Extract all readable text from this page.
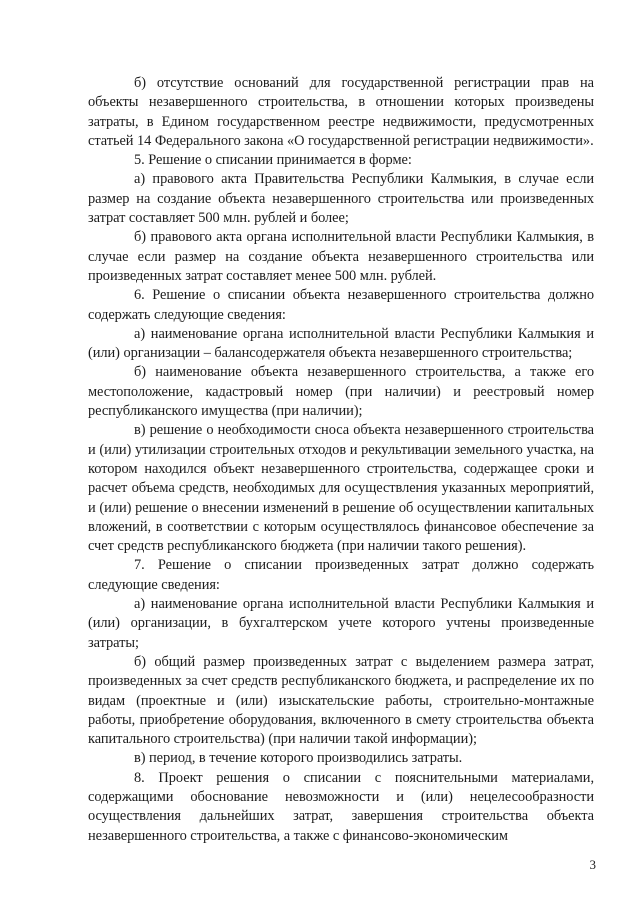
б) отсутствие оснований для государственной регистрации прав на объекты незавершенного строительства, в отношении которых произведены затраты, в Едином государственном реестре недвижимости, предусмотренных статьей 14 Федерального закона «О государственной регистрации недвижимости».

5. Решение о списании принимается в форме:

а) правового акта Правительства Республики Калмыкия, в случае если размер на создание объекта незавершенного строительства или произведенных затрат составляет 500 млн. рублей и более;

б) правового акта органа исполнительной власти Республики Калмыкия, в случае если размер на создание объекта незавершенного строительства или произведенных затрат составляет менее 500 млн. рублей.

6. Решение о списании объекта незавершенного строительства должно содержать следующие сведения:

а) наименование органа исполнительной власти Республики Калмыкия и (или) организации – балансодержателя объекта незавершенного строительства;

б) наименование объекта незавершенного строительства, а также его местоположение, кадастровый номер (при наличии) и реестровый номер республиканского имущества (при наличии);

в) решение о необходимости сноса объекта незавершенного строительства и (или) утилизации строительных отходов и рекультивации земельного участка, на котором находился объект незавершенного строительства, содержащее сроки и расчет объема средств, необходимых для осуществления указанных мероприятий, и (или) решение о внесении изменений в решение об осуществлении капитальных вложений, в соответствии с которым осуществлялось финансовое обеспечение за счет средств республиканского бюджета (при наличии такого решения).

7. Решение о списании произведенных затрат должно содержать следующие сведения:

а) наименование органа исполнительной власти Республики Калмыкия и (или) организации, в бухгалтерском учете которого учтены произведенные затраты;

б) общий размер произведенных затрат с выделением размера затрат, произведенных за счет средств республиканского бюджета, и распределение их по видам (проектные и (или) изыскательские работы, строительно-монтажные работы, приобретение оборудования, включенного в смету строительства объекта капитального строительства) (при наличии такой информации);

в) период, в течение которого производились затраты.

8. Проект решения о списании с пояснительными материалами, содержащими обоснование невозможности и (или) нецелесообразности осуществления дальнейших затрат, завершения строительства объекта незавершенного строительства, а также с финансово-экономическим

3
